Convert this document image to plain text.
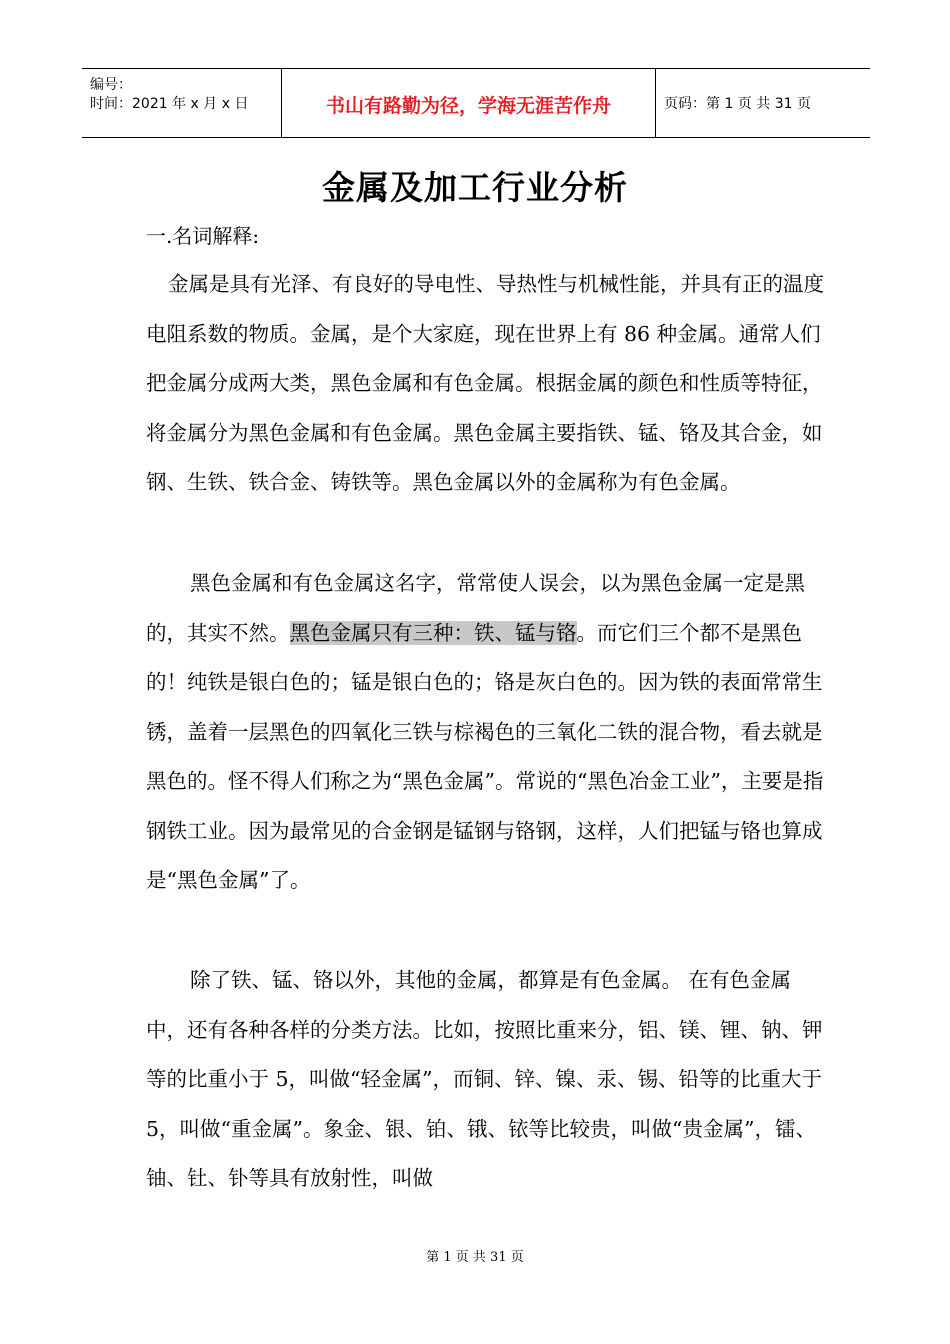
编号：
时间：2021 年 x 月 x 日	书山有路勤为径，学海无涯苦作舟	页码：第 1 页 共 31 页
金属及加工行业分析
一.名词解释:
金属是具有光泽、有良好的导电性、导热性与机械性能，并具有正的温度电阻系数的物质。金属，是个大家庭，现在世界上有 86 种金属。通常人们把金属分成两大类，黑色金属和有色金属。根据金属的颜色和性质等特征，将金属分为黑色金属和有色金属。黑色金属主要指铁、锰、铬及其合金，如钢、生铁、铁合金、铸铁等。黑色金属以外的金属称为有色金属。
黑色金属和有色金属这名字，常常使人误会，以为黑色金属一定是黑的，其实不然。黑色金属只有三种：铁、锰与铬。而它们三个都不是黑色的！纯铁是银白色的；锰是银白色的；铬是灰白色的。因为铁的表面常常生锈，盖着一层黑色的四氧化三铁与棕褐色的三氧化二铁的混合物，看去就是黑色的。怪不得人们称之为“黑色金属”。常说的“黑色冶金工业”，主要是指钢铁工业。因为最常见的合金钢是锰钢与铬钢，这样，人们把锰与铬也算成是“黑色金属”了。
除了铁、锰、铬以外，其他的金属，都算是有色金属。 在有色金属中，还有各种各样的分类方法。比如，按照比重来分，铝、镁、锂、钠、钾等的比重小于 5，叫做“轻金属”，而铜、锌、镍、汞、锡、铅等的比重大于 5，叫做“重金属”。象金、银、铂、锇、铱等比较贵，叫做“贵金属”，镭、铀、钍、钋等具有放射性，叫做
第 1 页 共 31 页
